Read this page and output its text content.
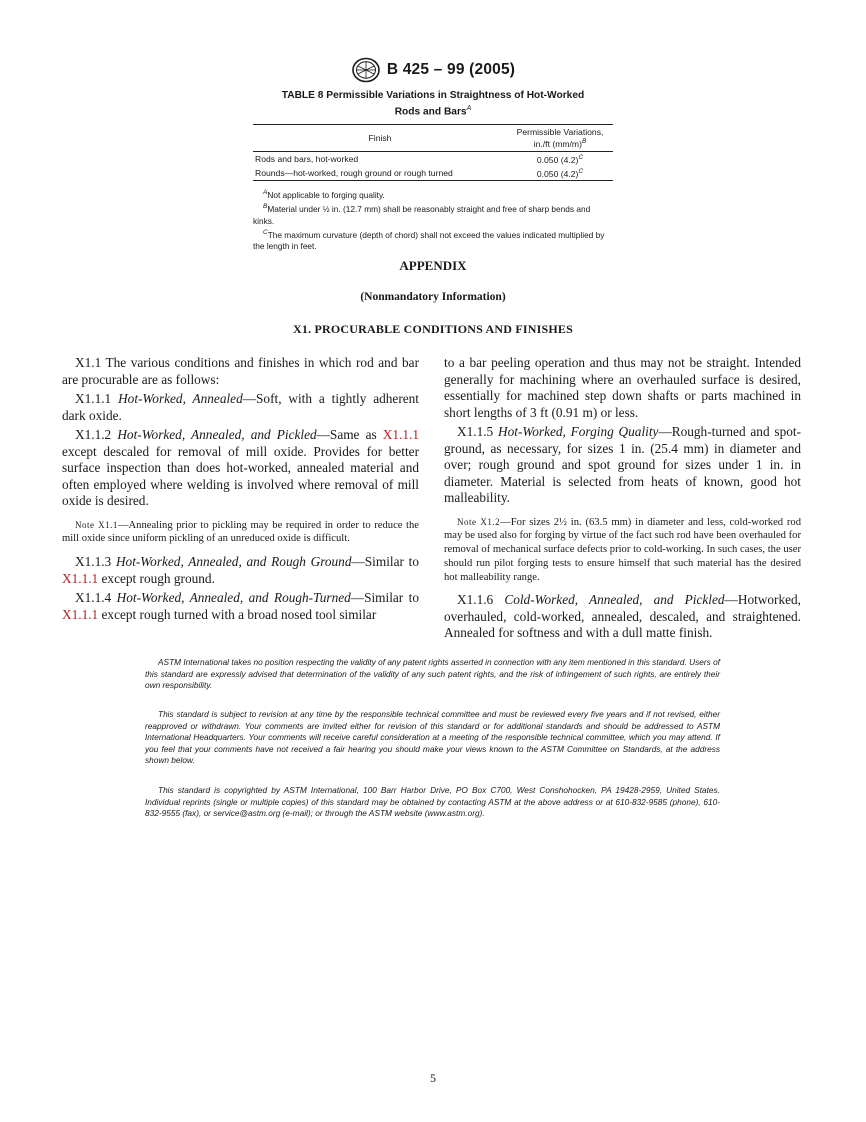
B 425 – 99 (2005)
TABLE 8 Permissible Variations in Straightness of Hot-Worked
Rods and Bars$^A$
Finish	Permissible Variations,
in./ft $(mm/m)^B$
Rods and bars, hot-worked	0.050 $(4.2)^C$
Rounds—hot-worked, rough ground or rough turned	0.050 $(4.2)^C$
$^A$Not applicable to forging quality.
$^B$Material under ½ in. (12.7 mm) shall be reasonably straight and free of sharp bends and kinks.
$^C$The maximum curvature (depth of chord) shall not exceed the values indicated multiplied by the length in feet.
APPENDIX
(Nonmandatory Information)
X1. PROCURABLE CONDITIONS AND FINISHES

X1.1 The various conditions and finishes in which rod and bar are procurable are as follows:

X1.1.1 Hot-Worked, Annealed—Soft, with a tightly adherent dark oxide.

X1.1.2 Hot-Worked, Annealed, and Pickled—Same as X1.1.1 except descaled for removal of mill oxide. Provides for better surface inspection than does hot-worked, annealed material and often employed where welding is involved where removal of mill oxide is desired.

Note X1.1—Annealing prior to pickling may be required in order to reduce the mill oxide since uniform pickling of an unreduced oxide is difficult.

X1.1.3 Hot-Worked, Annealed, and Rough Ground—Similar to X1.1.1 except rough ground.

X1.1.4 Hot-Worked, Annealed, and Rough-Turned—Similar to X1.1.1 except rough turned with a broad nosed tool similar

to a bar peeling operation and thus may not be straight. Intended generally for machining where an overhauled surface is desired, essentially for machined step down shafts or parts machined in short lengths of 3 ft (0.91 m) or less.

X1.1.5 Hot-Worked, Forging Quality—Rough-turned and spot-ground, as necessary, for sizes 1 in. (25.4 mm) in diameter and over; rough ground and spot ground for sizes under 1 in. in diameter. Material is selected from heats of known, good hot malleability.

Note X1.2—For sizes 2½ in. (63.5 mm) in diameter and less, cold-worked rod may be used also for forging by virtue of the fact such rod have been overhauled for removal of mechanical surface defects prior to cold-working. In such cases, the user should run pilot forging tests to ensure himself that such material has the desired hot malleability range.

X1.1.6 Cold-Worked, Annealed, and Pickled—Hotworked, overhauled, cold-worked, annealed, descaled, and straightened. Annealed for softness and with a dull matte finish.

ASTM International takes no position respecting the validity of any patent rights asserted in connection with any item mentioned in this standard. Users of this standard are expressly advised that determination of the validity of any such patent rights, and the risk of infringement of such rights, are entirely their own responsibility.
This standard is subject to revision at any time by the responsible technical committee and must be reviewed every five years and if not revised, either reapproved or withdrawn. Your comments are invited either for revision of this standard or for additional standards and should be addressed to ASTM International Headquarters. Your comments will receive careful consideration at a meeting of the responsible technical committee, which you may attend. If you feel that your comments have not received a fair hearing you should make your views known to the ASTM Committee on Standards, at the address shown below.
This standard is copyrighted by ASTM International, 100 Barr Harbor Drive, PO Box C700, West Conshohocken, PA 19428-2959, United States. Individual reprints (single or multiple copies) of this standard may be obtained by contacting ASTM at the above address or at 610-832-9585 (phone), 610-832-9555 (fax), or service@astm.org (e-mail); or through the ASTM website (www.astm.org).
5
